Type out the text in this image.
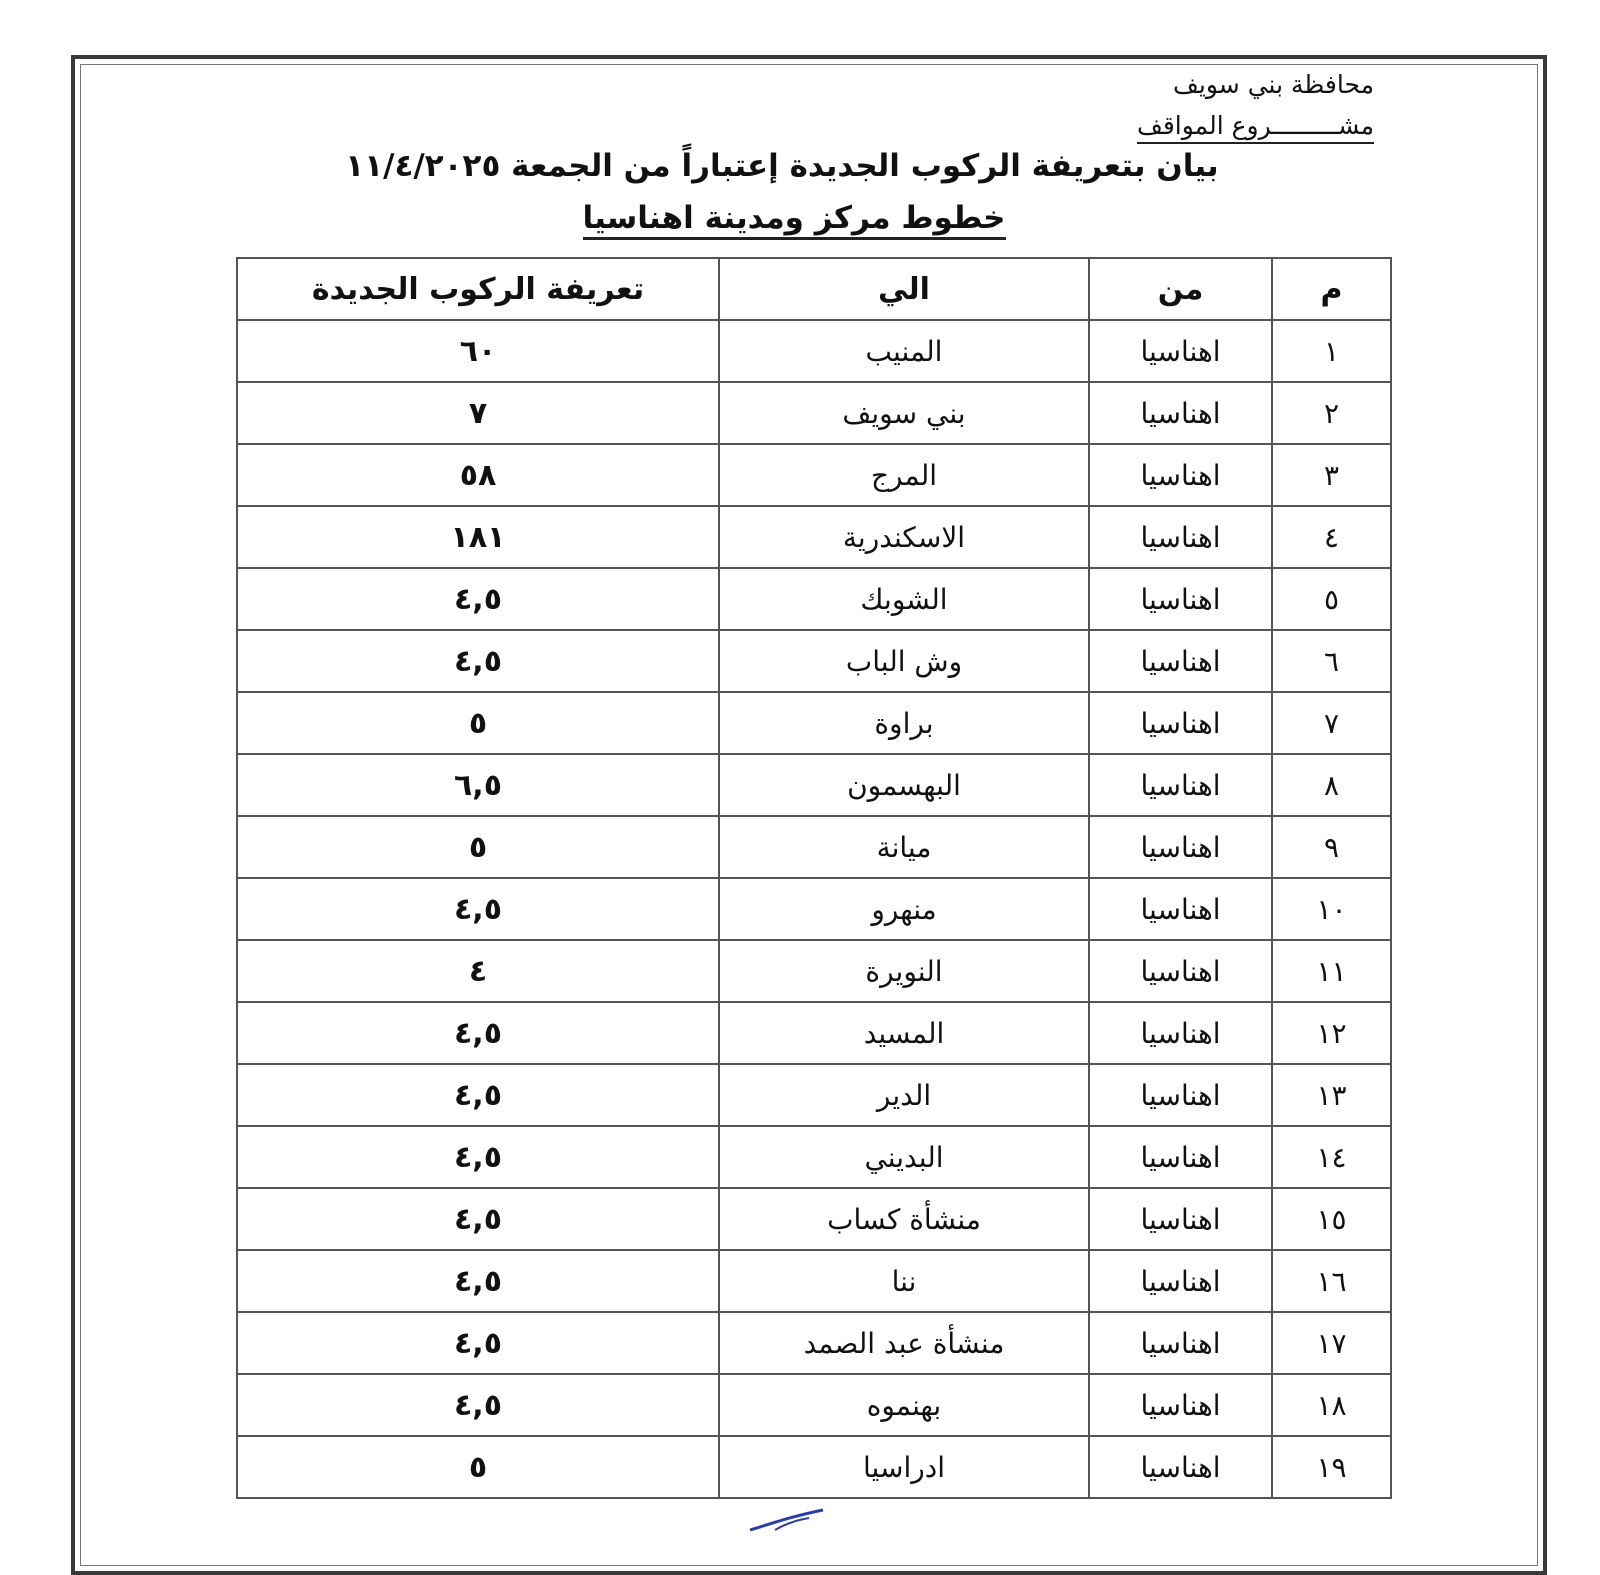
محافظة بني سويف
مشـــــــــروع المواقف
بيان بتعريفة الركوب الجديدة إعتباراً من الجمعة ١١/٤/٢٠٢٥
خطوط مركز ومدينة اهناسيا
م	من	الي	تعريفة الركوب الجديدة
١	اهناسيا	المنيب	٦٠
٢	اهناسيا	بني سويف	٧
٣	اهناسيا	المرج	٥٨
٤	اهناسيا	الاسكندرية	١٨١
٥	اهناسيا	الشوبك	٤,٥
٦	اهناسيا	وش الباب	٤,٥
٧	اهناسيا	براوة	٥
٨	اهناسيا	البهسمون	٦,٥
٩	اهناسيا	ميانة	٥
١٠	اهناسيا	منهرو	٤,٥
١١	اهناسيا	النويرة	٤
١٢	اهناسيا	المسيد	٤,٥
١٣	اهناسيا	الدير	٤,٥
١٤	اهناسيا	البديني	٤,٥
١٥	اهناسيا	منشأة كساب	٤,٥
١٦	اهناسيا	ننا	٤,٥
١٧	اهناسيا	منشأة عبد الصمد	٤,٥
١٨	اهناسيا	بهنموه	٤,٥
١٩	اهناسيا	ادراسيا	٥
